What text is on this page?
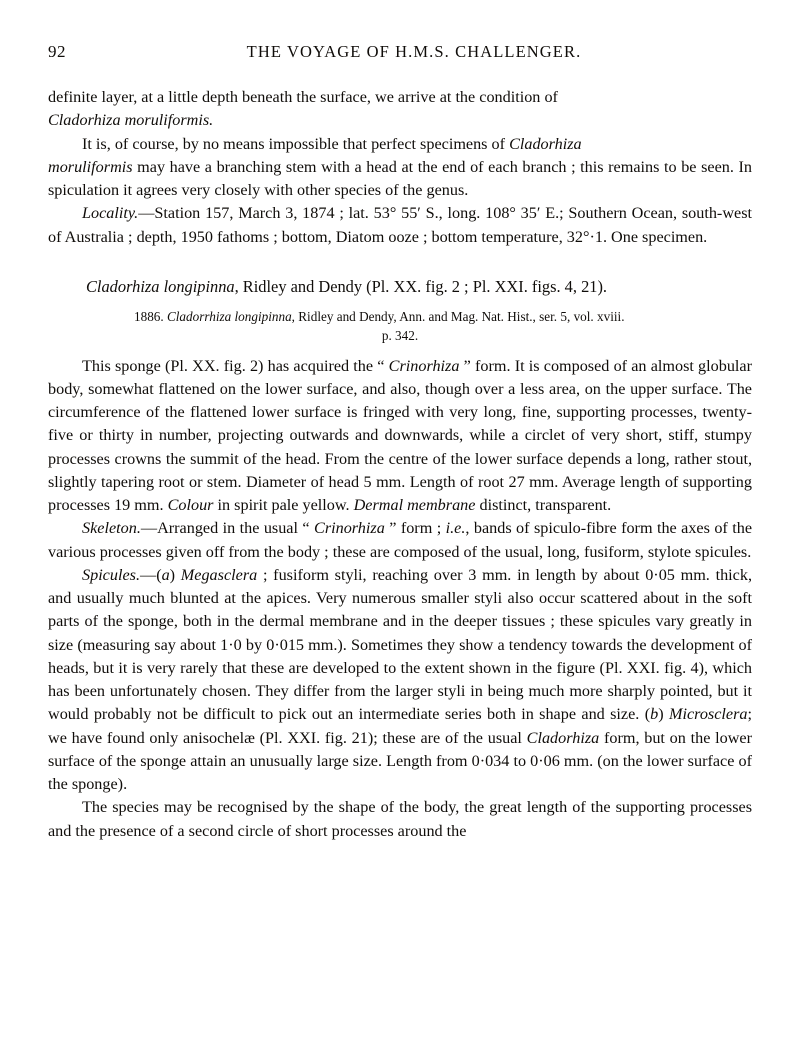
92	THE VOYAGE OF H.M.S. CHALLENGER.

definite layer, at a little depth beneath the surface, we arrive at the condition of

Cladorhiza moruliformis.

It is, of course, by no means impossible that perfect specimens of Cladorhiza
moruliformis may have a branching stem with a head at the end of each branch ; this remains to be seen. In spiculation it agrees very closely with other species of the genus.

Locality.—Station 157, March 3, 1874 ; lat. 53° 55′ S., long. 108° 35′ E.; Southern Ocean, south-west of Australia ; depth, 1950 fathoms ; bottom, Diatom ooze ; bottom temperature, 32°·1. One specimen.

Cladorhiza longipinna, Ridley and Dendy (Pl. XX. fig. 2 ; Pl. XXI. figs. 4, 21).

1886. Cladorrhiza longipinna, Ridley and Dendy, Ann. and Mag. Nat. Hist., ser. 5, vol. xviii.

p. 342.

This sponge (Pl. XX. fig. 2) has acquired the “ Crinorhiza ” form. It is composed of an almost globular body, somewhat flattened on the lower surface, and also, though over a less area, on the upper surface. The circumference of the flattened lower surface is fringed with very long, fine, supporting processes, twenty-five or thirty in number, projecting outwards and downwards, while a circlet of very short, stiff, stumpy processes crowns the summit of the head. From the centre of the lower surface depends a long, rather stout, slightly tapering root or stem. Diameter of head 5 mm. Length of root 27 mm. Average length of supporting processes 19 mm. Colour in spirit pale yellow. Dermal membrane distinct, transparent.

Skeleton.—Arranged in the usual “ Crinorhiza ” form ; i.e., bands of spiculo-fibre form the axes of the various processes given off from the body ; these are composed of the usual, long, fusiform, stylote spicules.

Spicules.—(a) Megasclera ; fusiform styli, reaching over 3 mm. in length by about 0·05 mm. thick, and usually much blunted at the apices. Very numerous smaller styli also occur scattered about in the soft parts of the sponge, both in the dermal membrane and in the deeper tissues ; these spicules vary greatly in size (measuring say about 1·0 by 0·015 mm.). Sometimes they show a tendency towards the development of heads, but it is very rarely that these are developed to the extent shown in the figure (Pl. XXI. fig. 4), which has been unfortunately chosen. They differ from the larger styli in being much more sharply pointed, but it would probably not be difficult to pick out an intermediate series both in shape and size. (b) Microsclera; we have found only anisochelæ (Pl. XXI. fig. 21); these are of the usual Cladorhiza form, but on the lower surface of the sponge attain an unusually large size. Length from 0·034 to 0·06 mm. (on the lower surface of the sponge).

The species may be recognised by the shape of the body, the great length of the supporting processes and the presence of a second circle of short processes around the
